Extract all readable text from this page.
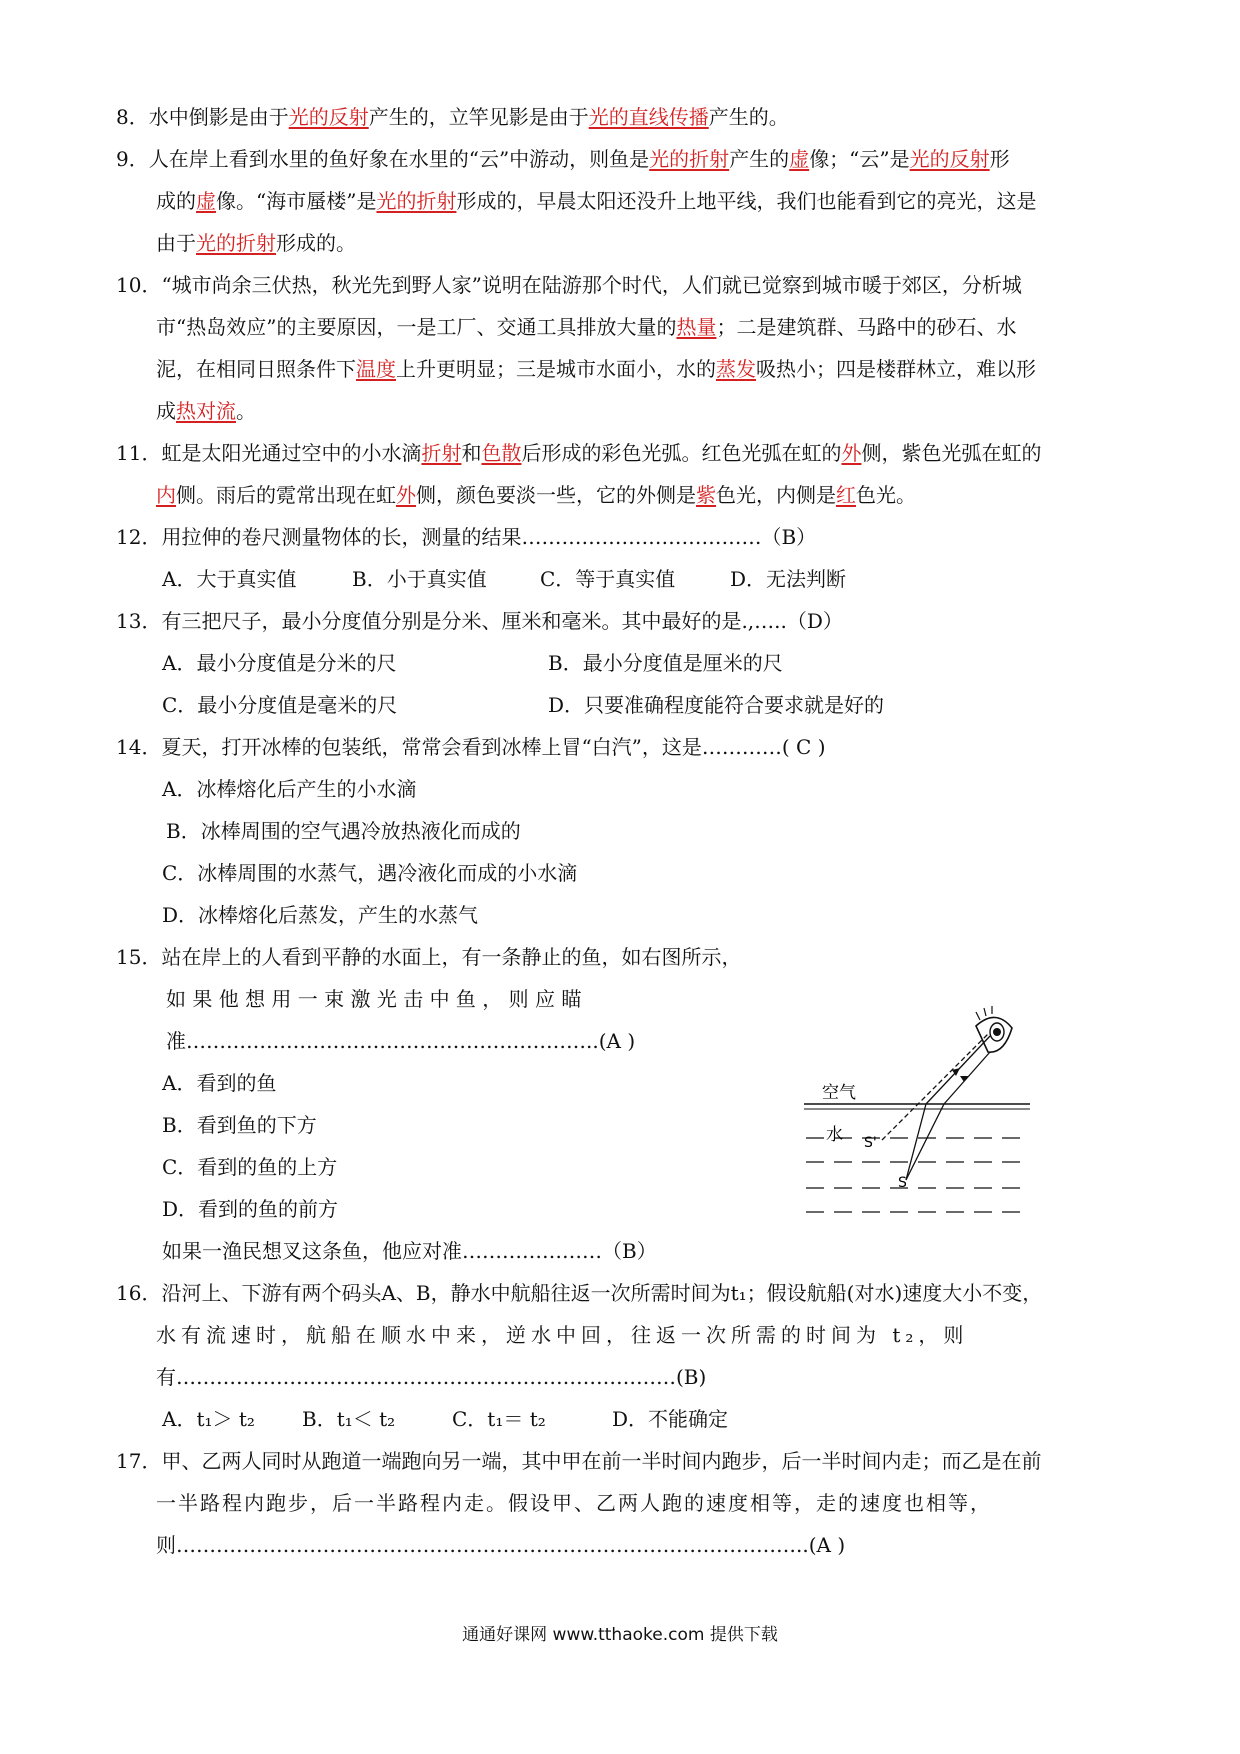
8．水中倒影是由于光的反射产生的，立竿见影是由于光的直线传播产生的。
9．人在岸上看到水里的鱼好象在水里的“云”中游动，则鱼是光的折射产生的虚像；“云”是光的反射形
成的虚像。“海市蜃楼”是光的折射形成的，早晨太阳还没升上地平线，我们也能看到它的亮光，这是
由于光的折射形成的。
10．“城市尚余三伏热，秋光先到野人家”说明在陆游那个时代，人们就已觉察到城市暖于郊区，分析城
市“热岛效应”的主要原因，一是工厂、交通工具排放大量的热量；二是建筑群、马路中的砂石、水
泥，在相同日照条件下温度上升更明显；三是城市水面小，水的蒸发吸热小；四是楼群林立，难以形
成热对流。
11．虹是太阳光通过空中的小水滴折射和色散后形成的彩色光弧。红色光弧在虹的外侧，紫色光弧在虹的
内侧。雨后的霓常出现在虹外侧，颜色要淡一些，它的外侧是紫色光，内侧是红色光。
12．用拉伸的卷尺测量物体的长，测量的结果………………………………（B）
A．大于真实值	B．小于真实值	C．等于真实值	D．无法判断
13．有三把尺子，最小分度值分别是分米、厘米和毫米。其中最好的是.,…..（D）
A．最小分度值是分米的尺	B．最小分度值是厘米的尺
C．最小分度值是毫米的尺	D．只要准确程度能符合要求就是好的
14．夏天，打开冰棒的包装纸，常常会看到冰棒上冒“白汽”，这是…………( C )
A．冰棒熔化后产生的小水滴
B．冰棒周围的空气遇冷放热液化而成的
C．冰棒周围的水蒸气，遇冷液化而成的小水滴
D．冰棒熔化后蒸发，产生的水蒸气
15．站在岸上的人看到平静的水面上，有一条静止的鱼，如右图所示，
如 果 他 想 用 一 束 激 光 击 中 鱼 ， 则 应 瞄
准……………………………………………………..(A )
A．看到的鱼
B．看到鱼的下方
C．看到的鱼的上方
D．看到的鱼的前方
如果一渔民想叉这条鱼，他应对准…………………（B）
空气
水 S'
S
16．沿河上、下游有两个码头A、B，静水中航船往返一次所需时间为t₁；假设航船(对水)速度大小不变，
水有流速时，航船在顺水中来，逆水中回，往返一次所需的时间为 t₂，则
有…………………………………………………………………(B)
A．t₁＞ t₂ B．t₁＜ t₂	C．t₁＝ t₂	D．不能确定
17．甲、乙两人同时从跑道一端跑向另一端，其中甲在前一半时间内跑步，后一半时间内走；而乙是在前
一半路程内跑步，后一半路程内走。假设甲、乙两人跑的速度相等，走的速度也相等，
则…………………………………………………………………………………..(A )
通通好课网 www.tthaoke.com 提供下载
